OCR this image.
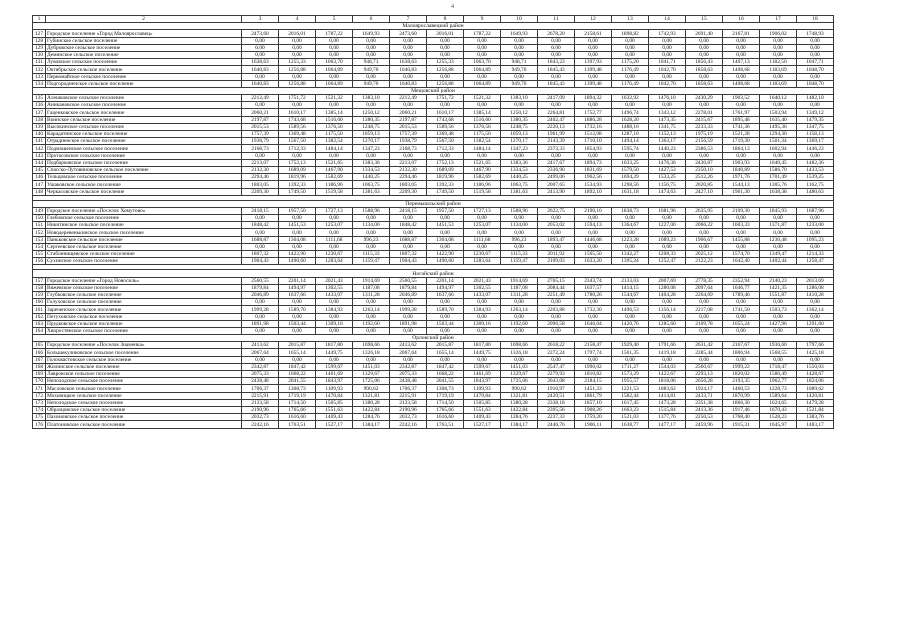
4
1	2	3	4	5	6	7	8	9	10	11	12	13	14	15	16	17	18
Малоярославецкий район																	
127	Городское поселение «Город Малоярославец»	2473,60	2016,01	1787,22	1649,93	2473,60	2016,01	1787,22	1649,93	2678,20	2158,61	1898,82	1742,93	2691,40	2167,81	1906,02	1748,93
128	Губинское сельское поселение	0,00	0,00	0,00	0,00	0,00	0,00	0,00	0,00	0,00	0,00	0,00	0,00	0,00	0,00	0,00	0,00
129	Дубровское сельское поселение	0,00	0,00	0,00	0,00	0,00	0,00	0,00	0,00	0,00	0,00	0,00	0,00	0,00	0,00	0,00	0,00
130	Деминское сельское поселение	0,00	0,00	0,00	0,00	0,00	0,00	0,00	0,00	0,00	0,00	0,00	0,00	0,00	0,00	0,00	0,00
131	Луковское сельское поселение	1638,63	1255,33	1063,70	948,71	1638,63	1255,33	1063,70	948,71	1843,23	1397,93	1175,20	1041,71	1856,43	1407,13	1182,50	1047,71
132	Октябрьское сельское поселение	1640,83	1256,88	1064,89	949,70	1640,83	1256,88	1064,89	949,70	1845,43	1399,48	1176,49	1042,70	1858,63	1408,68	1183,69	1048,70
133	Первомайское сельское поселение	0,00	0,00	0,00	0,00	0,00	0,00	0,00	0,00	0,00	0,00	0,00	0,00	0,00	0,00	0,00	0,00
134	Подгородненское сельское поселение	1640,83	1256,88	1064,89	949,70	1640,83	1256,88	1064,89	949,70	1845,43	1399,48	1176,49	1042,70	1858,63	1408,68	1183,69	1048,70
Мещовский район																	
135	Алешковское сельское поселение	2212,49	1751,72	1521,32	1383,10	2212,49	1751,72	1521,32	1383,10	2417,09	1894,32	1632,92	1476,10	2430,29	1903,52	1640,12	1482,10
136	Аникановское сельское поселение	0,00	0,00	0,00	0,00	0,00	0,00	0,00	0,00	0,00	0,00	0,00	0,00	0,00	0,00	0,00	0,00
137	Гаценковское сельское поселение	2060,21	1610,17	1385,14	1250,12	2060,21	1610,17	1385,14	1250,12	2264,81	1752,77	1496,74	1343,12	2278,01	1761,97	1503,94	1349,12
138	Воинское сельское поселение	2197,87	1743,68	1516,60	1380,35	2197,87	1743,68	1516,60	1380,35	2402,47	1886,28	1628,20	1473,35	2415,67	1895,48	1635,40	1479,35
139	Высокинское сельское поселение	2015,53	1589,56	1376,56	1248,75	2015,53	1589,56	1376,56	1248,75	2220,13	1732,16	1488,16	1341,75	2233,33	1741,36	1495,36	1347,75
140	Карадатинское сельское поселение	1757,39	1369,48	1175,50	1059,13	1757,39	1369,48	1175,50	1059,13	1961,99	1512,08	1287,10	1152,13	1975,19	1521,28	1294,30	1158,13
141	Отрадненское сельское поселение	1938,79	1567,50	1382,54	1270,17	1938,79	1567,50	1382,54	1270,17	2143,39	1710,10	1494,14	1363,17	2156,59	1719,30	1501,34	1369,17
142	Подмошенское сельское поселение	2168,73	1712,33	1484,14	1347,23	2168,73	1712,33	1484,14	1347,23	2373,33	1854,93	1595,74	1440,23	2386,53	1864,13	1602,94	1446,23
143	Протасовское сельское поселение	0,00	0,00	0,00	0,00	0,00	0,00	0,00	0,00	0,00	0,00	0,00	0,00	0,00	0,00	0,00	0,00
144	Подбарковское сельское поселение	2213,07	1752,13	1521,65	1383,36	2213,07	1752,13	1521,65	1383,36	2417,67	1894,73	1633,25	1476,36	2430,87	1903,93	1640,45	1482,36
145	Спасско-Лутовиновское сельское поселение	2132,30	1689,09	1467,90	1334,53	2132,30	1689,09	1467,90	1334,53	2336,90	1831,69	1579,50	1427,53	2350,10	1840,89	1586,70	1433,53
146	Тельцовское сельское поселение	2294,46	1819,96	1582,69	1440,25	2294,46	1819,96	1582,69	1440,25	2499,06	1962,56	1694,29	1533,25	2512,26	1971,76	1701,49	1539,25
147	Ушаковское сельское поселение	1803,05	1392,33	1186,96	1063,75	1803,05	1392,33	1186,96	1063,75	2007,65	1534,93	1298,56	1156,75	2020,85	1544,13	1305,76	1162,75
148	Черкасовское сельское поселение	2209,30	1749,50	1519,58	1381,63	2209,30	1749,50	1519,58	1381,63	2413,90	1892,10	1631,18	1474,63	2427,10	1901,30	1638,38	1480,63

Перемышльский район																	
149	Городское поселение «Поселок Хомутово»	2418,15	1957,50	1727,13	1588,96	2418,15	1957,50	1727,13	1588,96	2622,75	2100,10	1838,73	1681,96	2635,95	2109,30	1845,93	1687,96
150	Глебовское сельское поселение	0,00	0,00	0,00	0,00	0,00	0,00	0,00	0,00	0,00	0,00	0,00	0,00	0,00	0,00	0,00	0,00
151	Никитинское сельское поселение	1848,42	1451,53	1253,07	1134,00	1848,42	1451,53	1253,07	1134,00	2053,02	1594,13	1364,67	1227,00	2066,22	1603,33	1371,87	1233,00
152	Новодеревенькинское сельское поселение	0,00	0,00	0,00	0,00	0,00	0,00	0,00	0,00	0,00	0,00	0,00	0,00	0,00	0,00	0,00	0,00
153	Паньковское сельское поселение	1688,87	1304,08	1111,68	996,23	1688,87	1304,08	1111,68	996,23	1893,47	1446,68	1223,28	1089,23	1906,67	1455,88	1230,48	1095,23
154	Сергеевское сельское поселение	0,00	0,00	0,00	0,00	0,00	0,00	0,00	0,00	0,00	0,00	0,00	0,00	0,00	0,00	0,00	0,00
155	Стаблинищевское сельское поселение	1807,32	1422,90	1230,67	1115,33	1807,32	1422,90	1230,67	1115,33	2011,92	1565,50	1342,27	1208,33	2025,12	1574,70	1349,47	1214,33
156	Сухинское сельское поселение	1904,43	1490,60	1283,64	1159,47	1904,43	1490,60	1283,64	1159,47	2109,03	1633,20	1395,24	1252,47	2122,23	1642,40	1402,44	1258,47

Ногайский район																	
157	Городское поселение «Город Новосиль»	2560,55	2201,14	2021,43	1914,69	2560,55	2201,14	2021,43	1914,69	2765,15	2343,74	2133,03	2007,69	2778,35	2352,94	2140,23	2013,69
158	Вяжевское сельское поселение	1879,84	1494,97	1302,55	1187,08	1879,84	1494,97	1302,55	1187,08	2084,44	1637,57	1414,15	1280,08	2097,64	1646,77	1421,35	1286,08
159	Глубковское сельское поселение	2046,89	1637,66	1433,07	1311,28	2046,89	1637,66	1433,07	1311,28	2251,49	1780,26	1544,67	1404,28	2264,69	1789,46	1551,87	1410,28
160	Голуховское сельское поселение	0,00	0,00	0,00	0,00	0,00	0,00	0,00	0,00	0,00	0,00	0,00	0,00	0,00	0,00	0,00	0,00
161	Зареченское сельское поселение	1999,28	1589,70	1384,93	1263,14	1999,28	1589,70	1384,93	1263,14	2203,88	1732,30	1496,53	1356,14	2217,08	1741,50	1503,73	1362,14
162	Петуховское сельское поселение	0,00	0,00	0,00	0,00	0,00	0,00	0,00	0,00	0,00	0,00	0,00	0,00	0,00	0,00	0,00	0,00
163	Прудковское сельское поселение	1891,98	1503,44	1309,16	1192,60	1891,98	1503,44	1309,16	1192,60	2096,58	1646,04	1420,76	1285,60	2109,78	1655,24	1427,96	1291,60
164	Хворостянское сельское поселение	0,00	0,00	0,00	0,00	0,00	0,00	0,00	0,00	0,00	0,00	0,00	0,00	0,00	0,00	0,00	0,00
Орловский район																	
165	Городское поселение «Поселок Знаменка»	2413,62	2015,87	1817,80	1698,66	2413,62	2015,87	1817,80	1698,66	2618,22	2158,47	1929,40	1791,66	2631,42	2167,67	1936,60	1797,66
166	Большекуликовское сельское поселение	2067,64	1655,14	1449,75	1326,18	2067,64	1655,14	1449,75	1326,18	2272,24	1797,74	1561,35	1419,18	2285,44	1806,94	1568,55	1425,18
167	Голохвастовское сельское поселение	0,00	0,00	0,00	0,00	0,00	0,00	0,00	0,00	0,00	0,00	0,00	0,00	0,00	0,00	0,00	0,00
168	Жилинское сельское поселение	2342,87	1847,42	1599,67	1451,03	2342,87	1847,42	1599,67	1451,03	2547,47	1990,02	1711,27	1544,03	2560,67	1999,22	1718,47	1550,03
169	Лавровское сельское поселение	2075,33	1668,22	1461,69	1329,67	2075,33	1668,22	1461,69	1329,67	2279,93	1810,82	1573,29	1422,67	2293,13	1820,02	1580,49	1428,67
170	Неполодское сельское поселение	2438,48	2041,55	1843,97	1725,06	2438,48	2041,55	1843,97	1725,06	2643,08	2184,15	1955,57	1818,06	2656,28	2193,35	1962,77	1824,06
171	Масловское сельское поселение	1706,37	1308,73	1109,93	990,62	1706,37	1308,73	1109,93	990,62	1910,97	1451,33	1221,53	1083,62	1924,17	1460,53	1228,73	1089,62
172	Моховицкое сельское поселение	2215,91	1719,19	1470,84	1321,81	2215,91	1719,19	1470,84	1321,81	2420,51	1861,79	1582,44	1414,81	2433,71	1870,99	1589,64	1420,81
173	Неполодское сельское поселение	2133,58	1714,50	1505,85	1380,28	2133,58	1714,50	1505,85	1380,28	2338,18	1857,10	1617,45	1473,28	2351,38	1866,30	1624,65	1479,28
174	Образцовское сельское поселение	2190,96	1765,66	1551,63	1422,84	2190,96	1765,66	1551,63	1422,84	2395,56	1908,26	1663,23	1515,84	2413,36	1917,46	1670,43	1521,84
175	Пахомовское сельское поселение	2032,73	1616,60	1409,43	1284,76	2032,73	1616,60	1409,43	1284,76	2237,33	1759,20	1521,03	1377,76	2250,53	1768,40	1528,23	1383,76
176	Платоновское сельское поселение	2242,16	1763,51	1527,17	1384,17	2242,16	1763,51	1527,17	1384,17	2446,76	1906,11	1638,77	1477,17	2459,96	1915,31	1645,97	1483,17
